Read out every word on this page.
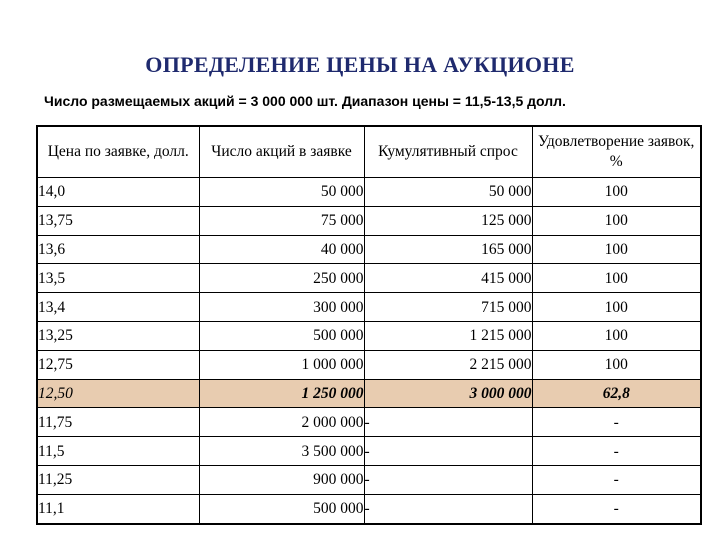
ОПРЕДЕЛЕНИЕ ЦЕНЫ НА АУКЦИОНЕ
Число размещаемых акций = 3 000 000 шт. Диапазон цены = 11,5-13,5 долл.
Цена по заявке, долл.	Число акций в заявке	Кумулятивный спрос	Удовлетворение заявок, %
14,0	50 000	50 000	100
13,75	75 000	125 000	100
13,6	40 000	165 000	100
13,5	250 000	415 000	100
13,4	300 000	715 000	100
13,25	500 000	1 215 000	100
12,75	1 000 000	2 215 000	100
12,50	1 250 000	3 000 000	62,8
11,75	2 000 000	-	-
11,5	3 500 000	-	-
11,25	900 000	-	-
11,1	500 000	-	-
